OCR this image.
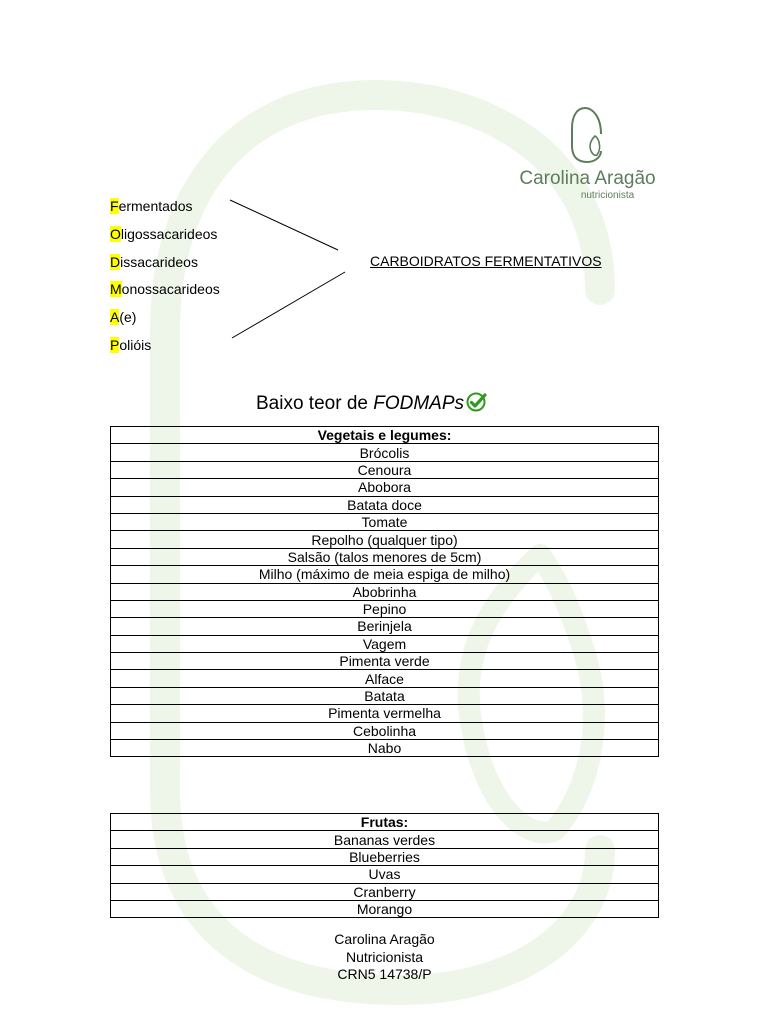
Carolina Aragão
nutricionista
Fermentados
Oligossacarideos
Dissacarideos
Monossacarideos
A(e)
Polióis
CARBOIDRATOS FERMENTATIVOS
Baixo teor de FODMAPs
Vegetais e legumes:
Brócolis
Cenoura
Abobora
Batata doce
Tomate
Repolho (qualquer tipo)
Salsão (talos menores de 5cm)
Milho (máximo de meia espiga de milho)
Abobrinha
Pepino
Berinjela
Vagem
Pimenta verde
Alface
Batata
Pimenta vermelha
Cebolinha
Nabo
Frutas:
Bananas verdes
Blueberries
Uvas
Cranberry
Morango
Carolina Aragão
Nutricionista
CRN5 14738/P
